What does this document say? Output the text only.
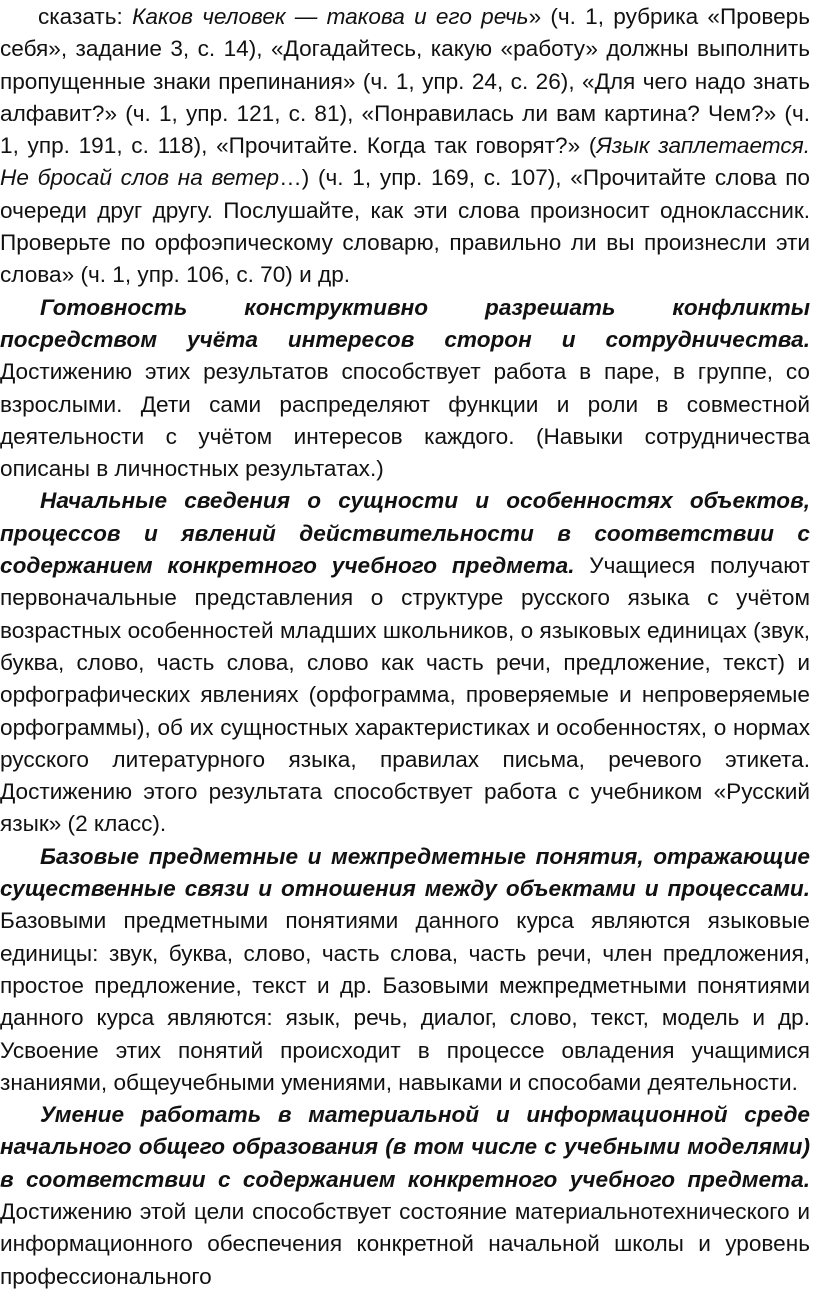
сказать: Каков человек — такова и его речь» (ч. 1, рубрика «Проверь себя», задание 3, с. 14), «Догадайтесь, какую «работу» должны выполнить пропущенные знаки препинания» (ч. 1, упр. 24, с. 26), «Для чего надо знать алфавит?» (ч. 1, упр. 121, с. 81), «Понравилась ли вам картина? Чем?» (ч. 1, упр. 191, с. 118), «Прочитайте. Когда так говорят?» (Язык заплетается. Не бросай слов на ветер…) (ч. 1, упр. 169, с. 107), «Прочитайте слова по очереди друг другу. Послушайте, как эти слова произносит одноклассник. Проверьте по орфоэпическому словарю, правильно ли вы произнесли эти слова» (ч. 1, упр. 106, с. 70) и др.

Готовность конструктивно разрешать конфликты посредством учёта интересов сторон и сотрудничества. Достижению этих результатов способствует работа в паре, в группе, со взрослыми. Дети сами распределяют функции и роли в совместной деятельности с учётом интересов каждого. (Навыки сотрудничества описаны в личностных результатах.)

Начальные сведения о сущности и особенностях объектов, процессов и явлений действительности в соответствии с содержанием конкретного учебного предмета. Учащиеся получают первоначальные представления о структуре русского языка с учётом возрастных особенностей младших школьников, о языковых единицах (звук, буква, слово, часть слова, слово как часть речи, предложение, текст) и орфографических явлениях (орфограмма, проверяемые и непроверяемые орфограммы), об их сущностных характеристиках и особенностях, о нормах русского литературного языка, правилах письма, речевого этикета. Достижению этого результата способствует работа с учебником «Русский язык» (2 класс).

Базовые предметные и межпредметные понятия, отражающие существенные связи и отношения между объектами и процессами. Базовыми предметными понятиями данного курса являются языковые единицы: звук, буква, слово, часть слова, часть речи, член предложения, простое предложение, текст и др. Базовыми межпредметными понятиями данного курса являются: язык, речь, диалог, слово, текст, модель и др. Усвоение этих понятий происходит в процессе овладения учащимися знаниями, общеучебными умениями, навыками и способами деятельности.

Умение работать в материальной и информационной среде начального общего образования (в том числе с учебными моделями) в соответствии с содержанием конкретного учебного предмета. Достижению этой цели способствует состояние материальнотехнического и информационного обеспечения конкретной начальной школы и уровень профессионального
